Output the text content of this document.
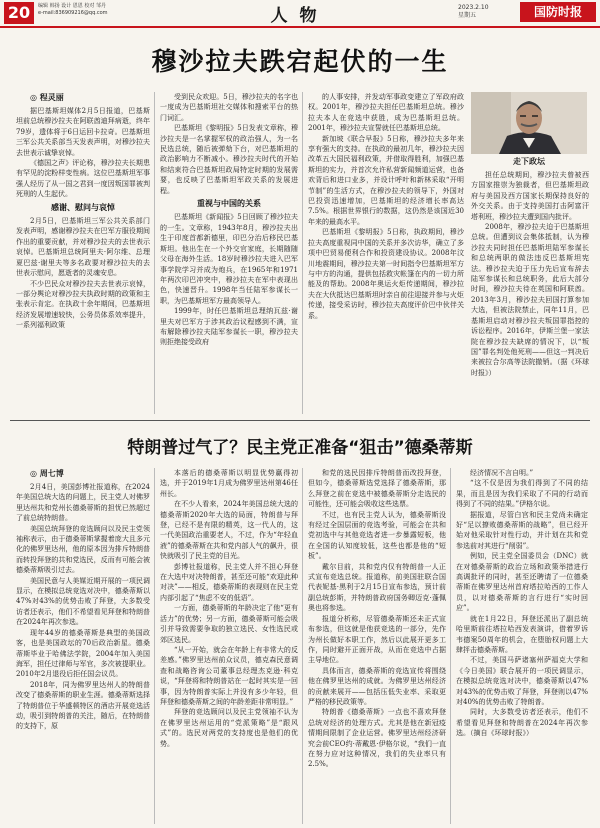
20	编辑 韩扬 设计 恩恩 校对 邹丹
e-mail:836909216@qq.com	人 物	2023.2.10
星期五	国防时报
穆沙拉夫跌宕起伏的一生
◎ 程灵丽

据巴基斯坦媒体2月5日报道，巴基斯坦前总统穆沙拉夫在阿联酋迪拜病逝，终年79岁，遗体将于6日运回卡拉奇。巴基斯坦三军公共关系部当天发表声明，对穆沙拉夫去世表示诚挚哀悼。

《德国之声》评论称，穆沙拉夫长期患有罕见的淀粉样变性病。这位巴基斯坦军事强人经历了从一国之君到一度因叛国罪被判死刑的人生起伏。

感谢、慰问与哀悼

2月5日，巴基斯坦三军公共关系部门发表声明，感谢穆沙拉夫在巴军方服役期间作出的重要贡献，并对穆沙拉夫的去世表示哀悼。巴基斯坦总统阿里夫·阿尔维、总理夏巴兹·谢里夫等多名政要对穆沙拉夫的去世表示慰问，愿逝者的灵魂安息。

不少巴民众对穆沙拉夫去世表示哀悼，一部分舆论对穆沙拉夫执政时期的政策和主张表示肯定。在执政十余年期间，巴基斯坦经济发展增速较快，公务员体系效率提升，一系列福利政策

受到民众欢迎。5日，穆沙拉夫的名字也一度成为巴基斯坦社交媒体和搜索平台的热门词汇。

巴基斯坦《黎明报》5日发表文章称，穆沙拉夫是一名掌握军权的政治强人，为一名民选总统，随后被弹劾下台，对巴基斯坦的政治影响力不断减小。穆沙拉夫时代的开始和结束符合巴基斯坦政局特定时期的发展需要，也反映了巴基斯坦军政关系的发展进程。

重视与中国的关系

巴基斯坦《新闻报》5日回顾了穆沙拉夫的一生。文章称，1943年8月，穆沙拉夫出生于印度首都新德里，印巴分治后移民巴基斯坦。他出生在一个外交官家庭，长期随随父母在海外生活。18岁时穆沙拉夫进入巴军事学院学习并成为炮兵，在1965年和1971年两次印巴冲突中，穆沙拉夫在军中表现出色，快速晋升。1998年当任陆军参谋长一职，为巴基斯坦军方最高领导人。

1999年，时任巴基斯坦总理纳瓦兹·谢里夫对巴军方于涉其政治议程感到不满，宣布解除穆沙拉夫陆军参谋长一职，穆沙拉夫则拒绝接受政府

的人事安排，并发动军事政变建立了军政府政权。2001年，穆沙拉夫担任巴基斯坦总统。穆沙拉夫本人在竞选中获胜，成为巴基斯坦总统。2001年，穆沙拉夫宣誓就任巴基斯坦总统。

新加坡《联合早报》5日称，穆沙拉夫多年来享有强大的支持。在执政的最初几年，穆沙拉夫因改革五大国民福利政策，并借取得胜利，加强巴基斯坦的实力，并首次允许私营新闻频道运营，也备欢背后和进口业多，并设计呼叶和新林采取“开明节制”的生活方式，在穆沙拉夫的领导下，外国对巴投资迅速增加，巴基斯坦的经济增长率高达7.5%。根据世界银行的数据，这仍然是该国近30年来的最高水平。

巴基斯坦《黎明报》5日称，执政期间，穆沙拉夫高度重视同中国的关系并多次访华，确立了多项中巴贸易便利合作和投资建设协议。2008年汶川地震期间，穆沙拉夫第一时间指令巴基斯坦军方与中方的沟通，提供包括救灾帐篷在内的一切力所能及的帮助。2008年奥运火炬传递期间，穆沙拉夫在大伙抵达巴基斯坦时亲自前往迎接并参与火炬传递，接受采访时，穆沙拉夫高度评价巴中伙伴关系。

走下政坛

担任总统期间，穆沙拉夫曾被西方国家推崇为独裁者，但巴基斯坦政府与美国及西方国家长期保持良好的外交关系。由于支持美国打击阿富汗塔利班，穆沙拉夫遭到国内批评。

2008年，穆沙拉夫迫于巴基斯坦总统。但遭到议会集体抵制，认为穆沙拉夫同时担任巴基斯坦陆军参谋长和总统两职的做法违反巴基斯坦宪法。穆沙拉夫迫于压力先后宣布辞去陆军参谋长和总统职务，此后大部分时间，穆沙拉夫待在英国和阿联酋。2013年3月，穆沙拉夫回国打算参加大选，但被法院禁止，同年11月，巴基斯坦启动对穆沙拉夫叛国罪指控的诉讼程序。2016年，伊斯兰堡一家法院在穆沙拉夫缺席的情况下，以“叛国”罪名判处他死刑——但这一判决后来被拉合尔高等法院撤销。（据《环球时报》）

特朗普过气了？民主党正准备“狙击”德桑蒂斯
◎ 周七博

2月4日，美国彭博社报道称，在2024年美国总统大选的问题上，民主党人对佛罗里达州共和党州长德桑蒂斯的担忧已然超过了前总统特朗普。

美国总统拜登的竞选顾问以及民主党领袖称表示，由于德桑蒂斯掌握着庞大且多元化的佛罗里达州，他的原本因为排斥特朗普而转投拜登的共和党选民，反而有可能会被德桑蒂斯吸引过去。

美国民意与人美媒近期开展的一项民调显示，在模拟总统竞选对决中，德桑蒂斯以47%对43%的优势击败了拜登，大多数受访者还表示，他们不希望看见拜登和特朗普在2024年再次参选。

现年44岁的德桑蒂斯是典型的美国政客，也是美国政坛的70后政治新星。德桑蒂斯毕业于哈佛法学院，2004年加入美国海军，担任过律师与军官，多次被提职业。2010年2月退役后拒任国会议员。

2018年，同为佛罗里达州人的特朗普改变了德桑蒂斯的职业生涯。德桑蒂斯选择了特朗普位于华盛顿特区的酒店开展竞选活动，吸引到特朗普的关注，随后，在特朗普的支持下，原

本落后的德桑蒂斯以明显优势赢得初选，并于2019年1月成为佛罗里达州第46任州长。

在不少人看来，2024年美国总统大选的德桑蒂斯2020年大选的局面，特朗普与拜登，已经不是有限的精英，这一代人的，这一代美国政治重要老人，不过，作为“年轻血液”的德桑蒂斯在共和党内部人气的飙升，很快就吸引了民主党的目光。

彭博社报道称，民主党人并不担心拜登在大选中对决特朗普，甚至还可能“欢迎此种对决”——相反，德桑蒂斯的表现则在民主党内部引起了“焦虑不安的低语”。

一方面，德桑蒂斯的年龄决定了他“更有活力”的优势；另一方面，德桑蒂斯可能会吸引并导致需要争取的独立选民、女性选民或郊区选民。

“从一开始，就会在年龄上有非常大的反差感。”佛罗里达州前众议员，德克森民意调查和战略咨询公司董事总经理杰克逊·科克说，“拜登将和特朗普站在一起时其实是一回事，因为特朗普实际上并没有多少年轻，但拜登和德桑蒂斯之间的年龄差距非常明显。”

拜登的竞选顾问以及民主党领袖不认为在佛罗里达州运用的“党派策略”是“跟风式”的。选民对两党的支持度也是他们的优势。

和党的选民因排斥特朗普而改投拜登，但如今，德桑蒂斯选党选择了德桑蒂斯，那么拜登之前在竞选中被德桑蒂斯分走选民的可能性，还可能会吸收这些选票。

不过，也有民主党人认为，德桑蒂斯没有经过全国层面的竞选考验，可能会在共和党初选中与其他竞选者进一步暴露短板，他在全国的认知度较低，这些也都是他的“短板”。

戴尔目前，共和党内仅有特朗普一人正式宣布竞选总统。报道称，前美国驻联合国代表妮基·黑利于2月15日宣布参选，预计前副总统彭斯，并特朗普政府国务卿迈克·蓬佩奥也将参选。

报道分析称，尽管德桑蒂斯还未正式宣布参选，但这就是他获竞选的一部分，先作为州长做好本职工作，然后以此展开更多工作，同时避开正面开战，从而在竞选中占据主导地位。

具体而言，德桑蒂斯的竞选宣传将围绕他在佛罗里达州的成就。为佛罗里达州经济的贡献来展开——包括压低失业率、采取更严格的移民政策等。

特朗普《德桑蒂斯》一点也不喜欢拜登总统对经济的处理方式。尤其是他在新冠疫情期间限制了企业运营。佛罗里达州经济研究会前CEO约·蒂戴恩·伊格尔说，“我们一直在努力应对这种情况，我们的失业率只有2.5%。

经济情况不言自明。”

“这不仅是因为我们得到了不同的结果，而且是因为我们采取了不同的行动而得到了不同的结果。”伊格尔说。

据报道，尽管白宫和民主党尚未确定好“足以撩败德桑蒂斯的战略”，但已经开始对他采取针对性行动，并计划在共和党参选前对其进行“削弱”。

例如，民主党全国委员会（DNC）就在对德桑蒂斯的政治立场和政策举措进行高调批评的同时，甚至还聘请了一位德桑蒂斯在佛罗里达州首府塔拉哈西的工作人员，以对德桑蒂斯的言行进行“实时回应”。

就在1月22日，拜登还派出了副总统哈里斯前往塔拉哈西发表演讲，借着罗诉韦德案50周年的机会，在堕胎权问题上大肆抨击德桑蒂斯。

不过，美国马萨诸塞州萨福克大学和《今日美国》联合展开的一项民调显示，在模拟总统竞选对决中，德桑蒂斯以47%对43%的优势击败了拜登，拜登则以47%对40%的优势击败了特朗普。

同时，大多数受访者还表示，他们不希望看见拜登和特朗普在2024年再次参选。（摘自《环球时报》）
